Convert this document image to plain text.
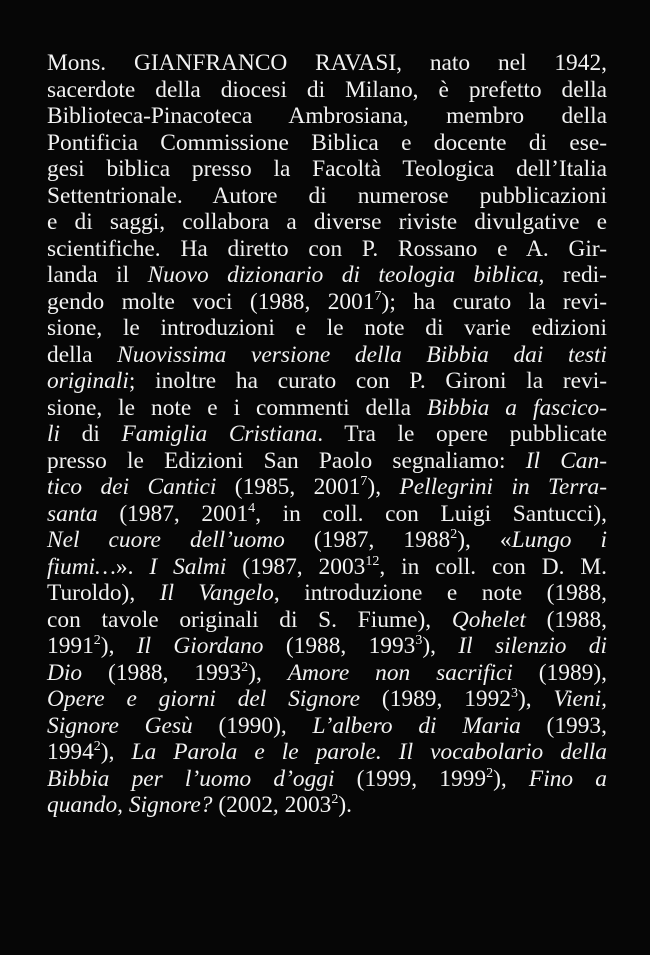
Mons. GIANFRANCO RAVASI, nato nel 1942,
sacerdote della diocesi di Milano, è prefetto della
Biblioteca-Pinacoteca Ambrosiana, membro della
Pontificia Commissione Biblica e docente di ese-
gesi biblica presso la Facoltà Teologica dell’Italia
Settentrionale. Autore di numerose pubblicazioni
e di saggi, collabora a diverse riviste divulgative e
scientifiche. Ha diretto con P. Rossano e A. Gir-
landa il Nuovo dizionario di teologia biblica, redi-
gendo molte voci (1988, 2001$^7$); ha curato la revi-
sione, le introduzioni e le note di varie edizioni
della Nuovissima versione della Bibbia dai testi
originali; inoltre ha curato con P. Gironi la revi-
sione, le note e i commenti della Bibbia a fascico-
li di Famiglia Cristiana. Tra le opere pubblicate
presso le Edizioni San Paolo segnaliamo: Il Can-
tico dei Cantici (1985, 2001$^7$), Pellegrini in Terra-
santa (1987, 2001$^4$, in coll. con Luigi Santucci),
Nel cuore dell’uomo (1987, 1988$^2$), «Lungo i
fiumi…». I Salmi (1987, 2003$^{12}$, in coll. con D. M.
Turoldo), Il Vangelo, introduzione e note (1988,
con tavole originali di S. Fiume), Qohelet (1988,
1991$^2$), Il Giordano (1988, 1993$^3$), Il silenzio di
Dio (1988, 1993$^2$), Amore non sacrifici (1989),
Opere e giorni del Signore (1989, 1992$^3$), Vieni,
Signore Gesù (1990), L’albero di Maria (1993,
1994$^2$), La Parola e le parole. Il vocabolario della
Bibbia per l’uomo d’oggi (1999, 1999$^2$), Fino a
quando, Signore? (2002, 2003$^2$).
